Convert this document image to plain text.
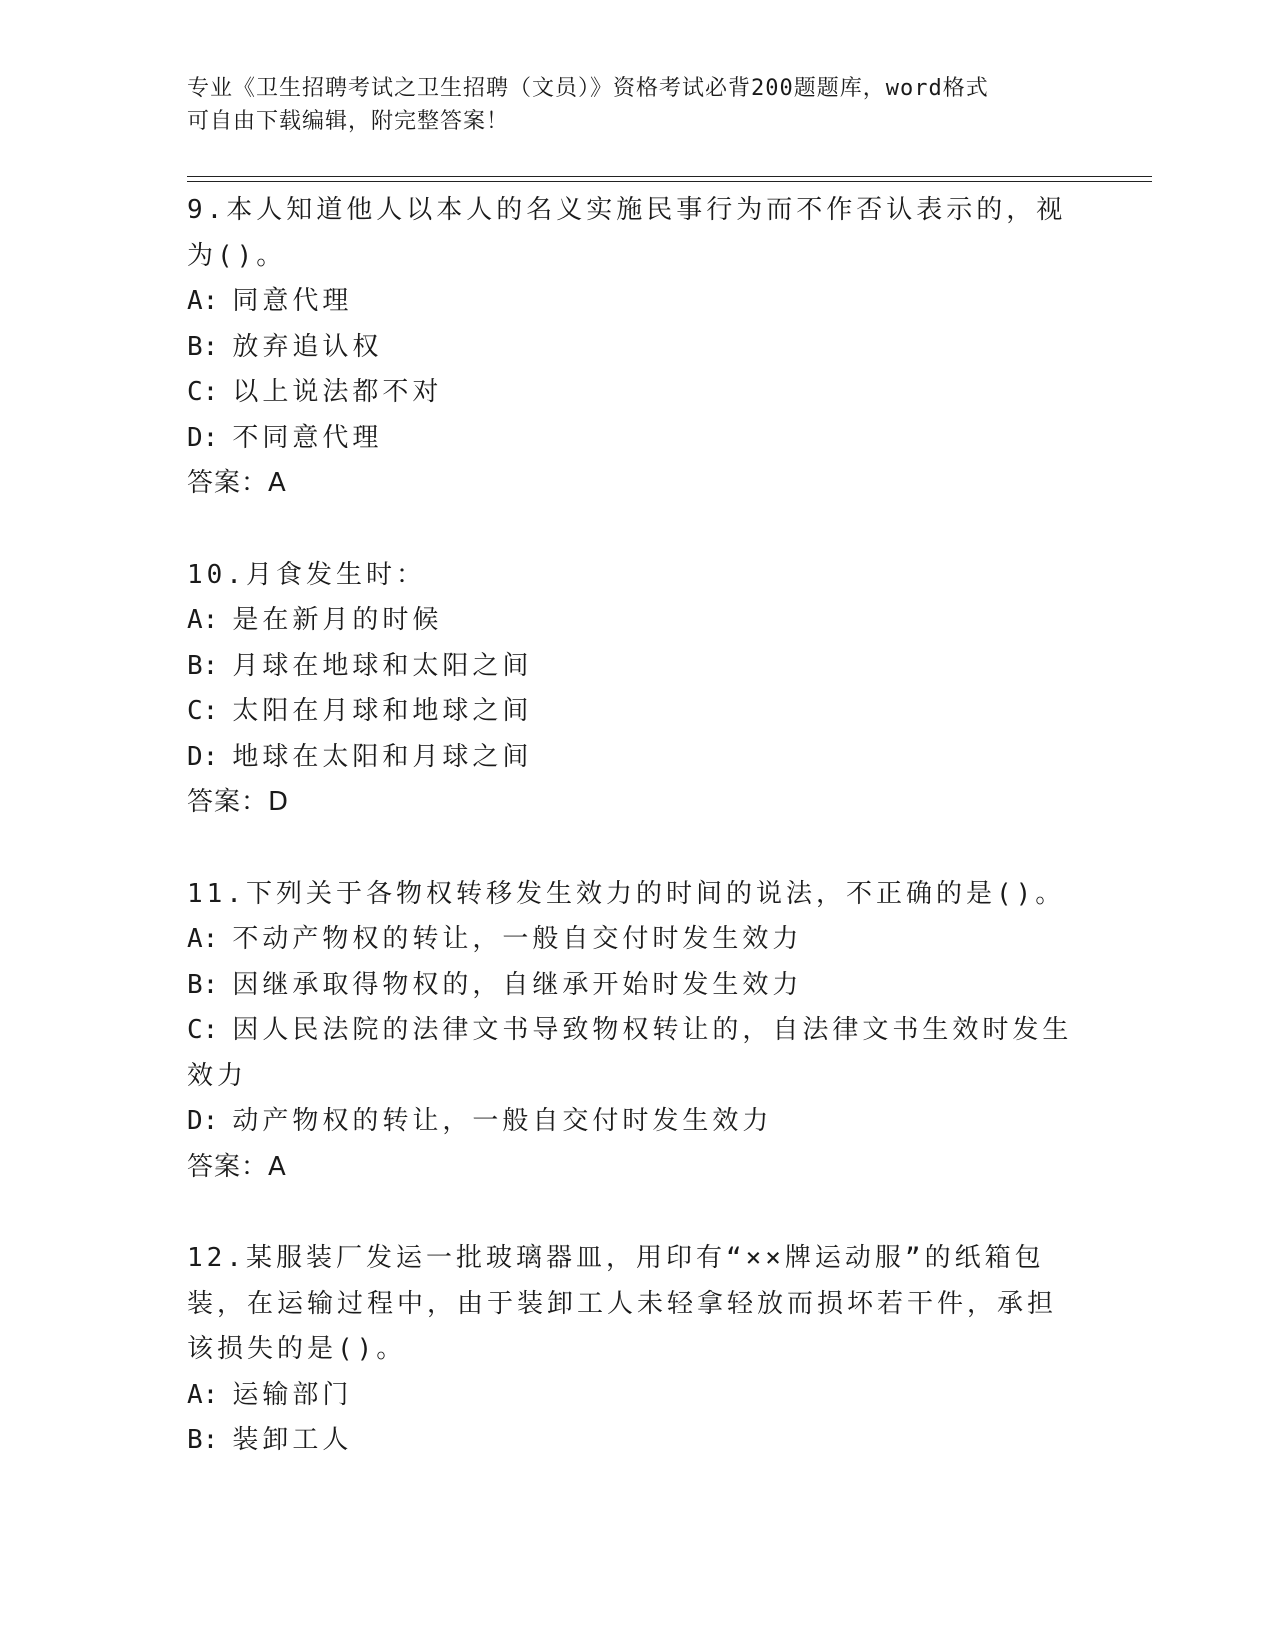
专业《卫生招聘考试之卫生招聘（文员）》资格考试必背200题题库，word格式
可自由下载编辑，附完整答案！
9.本人知道他人以本人的名义实施民事行为而不作否认表示的，视为()。
A: 同意代理
B: 放弃追认权
C: 以上说法都不对
D: 不同意代理
答案：A
10.月食发生时：
A: 是在新月的时候
B: 月球在地球和太阳之间
C: 太阳在月球和地球之间
D: 地球在太阳和月球之间
答案：D
11.下列关于各物权转移发生效力的时间的说法，不正确的是()。
A: 不动产物权的转让，一般自交付时发生效力
B: 因继承取得物权的，自继承开始时发生效力
C: 因人民法院的法律文书导致物权转让的，自法律文书生效时发生效力
D: 动产物权的转让，一般自交付时发生效力
答案：A
12.某服装厂发运一批玻璃器皿，用印有“××牌运动服”的纸箱包装，在运输过程中，由于装卸工人未轻拿轻放而损坏若干件，承担该损失的是()。
A: 运输部门
B: 装卸工人
